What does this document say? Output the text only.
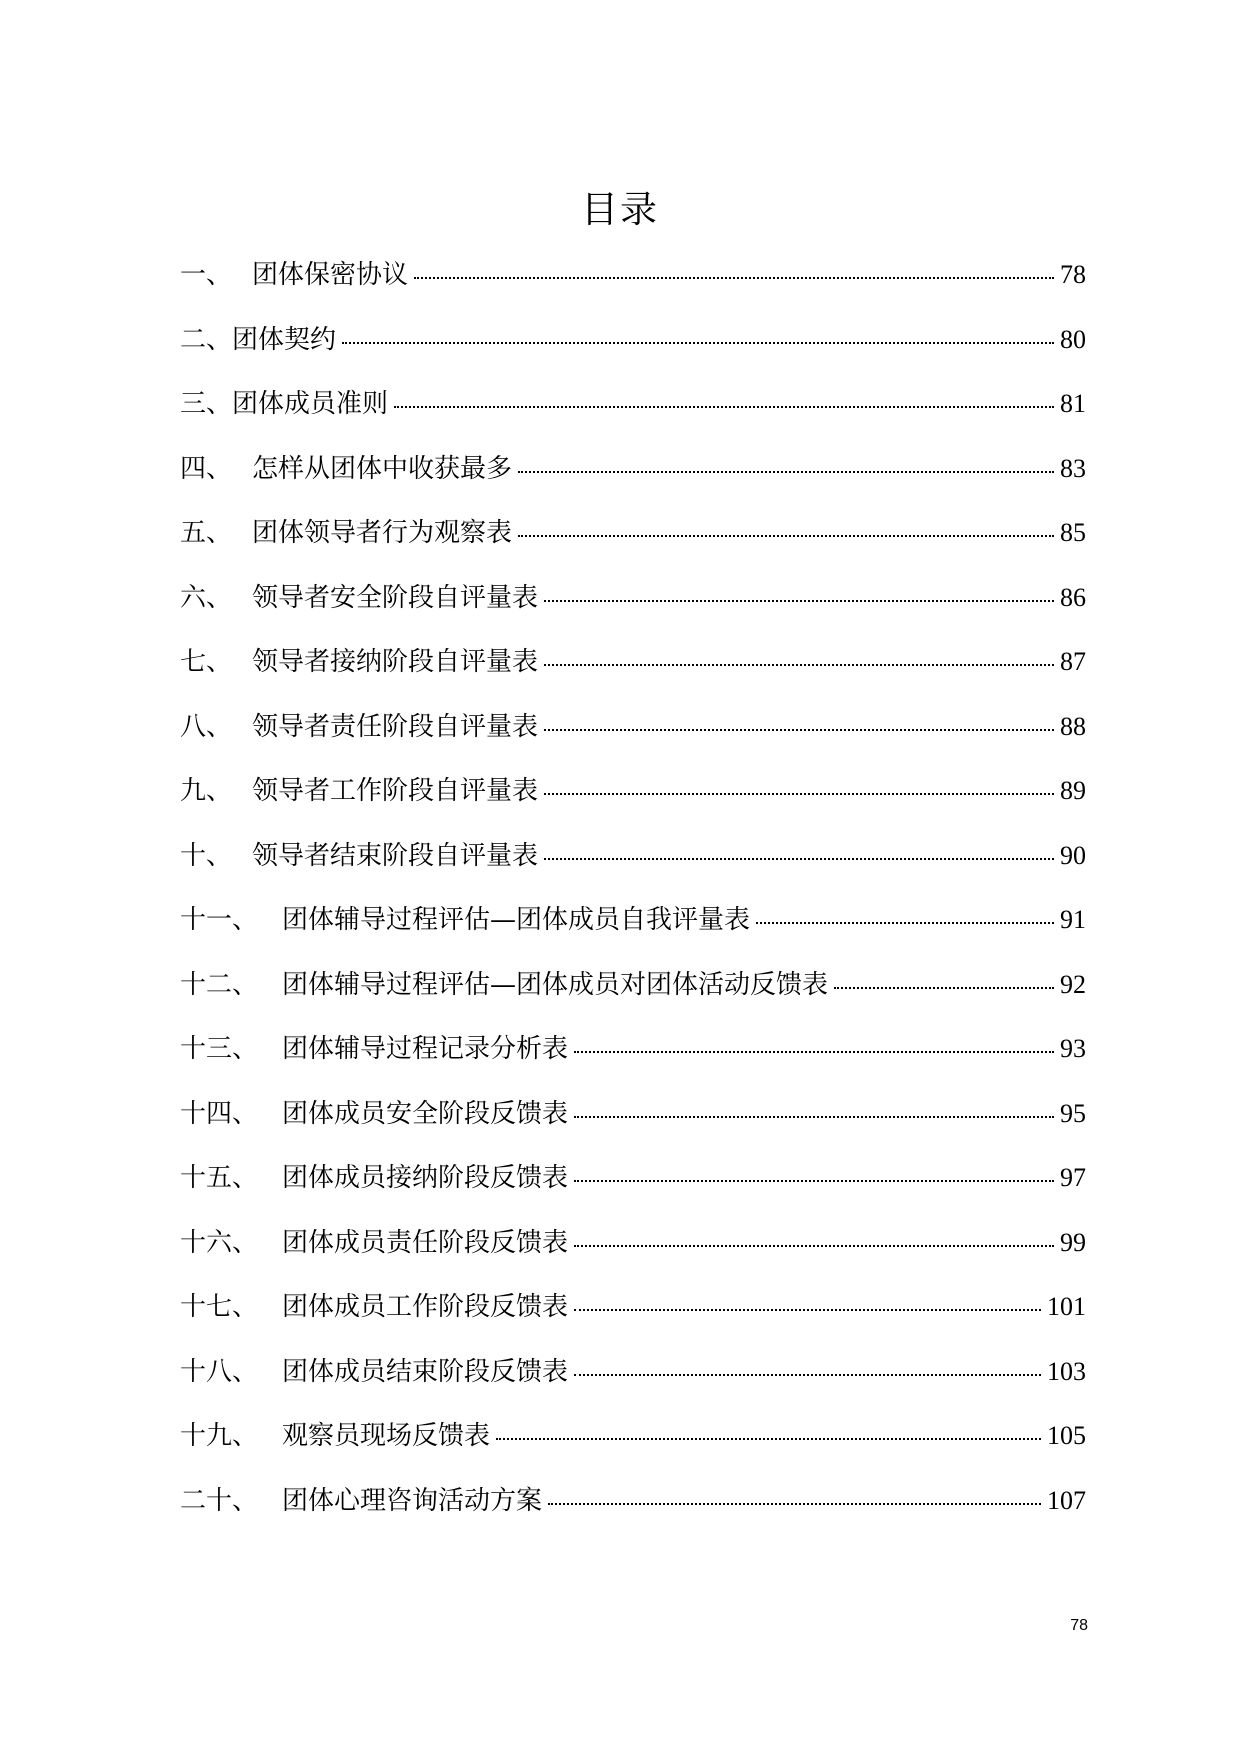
目录
一、 团体保密协议	78
二、 团体契约	80
三、 团体成员准则	81
四、 怎样从团体中收获最多	83
五、 团体领导者行为观察表	85
六、 领导者安全阶段自评量表	86
七、 领导者接纳阶段自评量表	87
八、 领导者责任阶段自评量表	88
九、 领导者工作阶段自评量表	89
十、 领导者结束阶段自评量表	90
十一、 团体辅导过程评估—团体成员自我评量表	91
十二、 团体辅导过程评估—团体成员对团体活动反馈表	92
十三、 团体辅导过程记录分析表	93
十四、 团体成员安全阶段反馈表	95
十五、 团体成员接纳阶段反馈表	97
十六、 团体成员责任阶段反馈表	99
十七、 团体成员工作阶段反馈表	101
十八、 团体成员结束阶段反馈表	103
十九、 观察员现场反馈表	105
二十、 团体心理咨询活动方案	107
78
